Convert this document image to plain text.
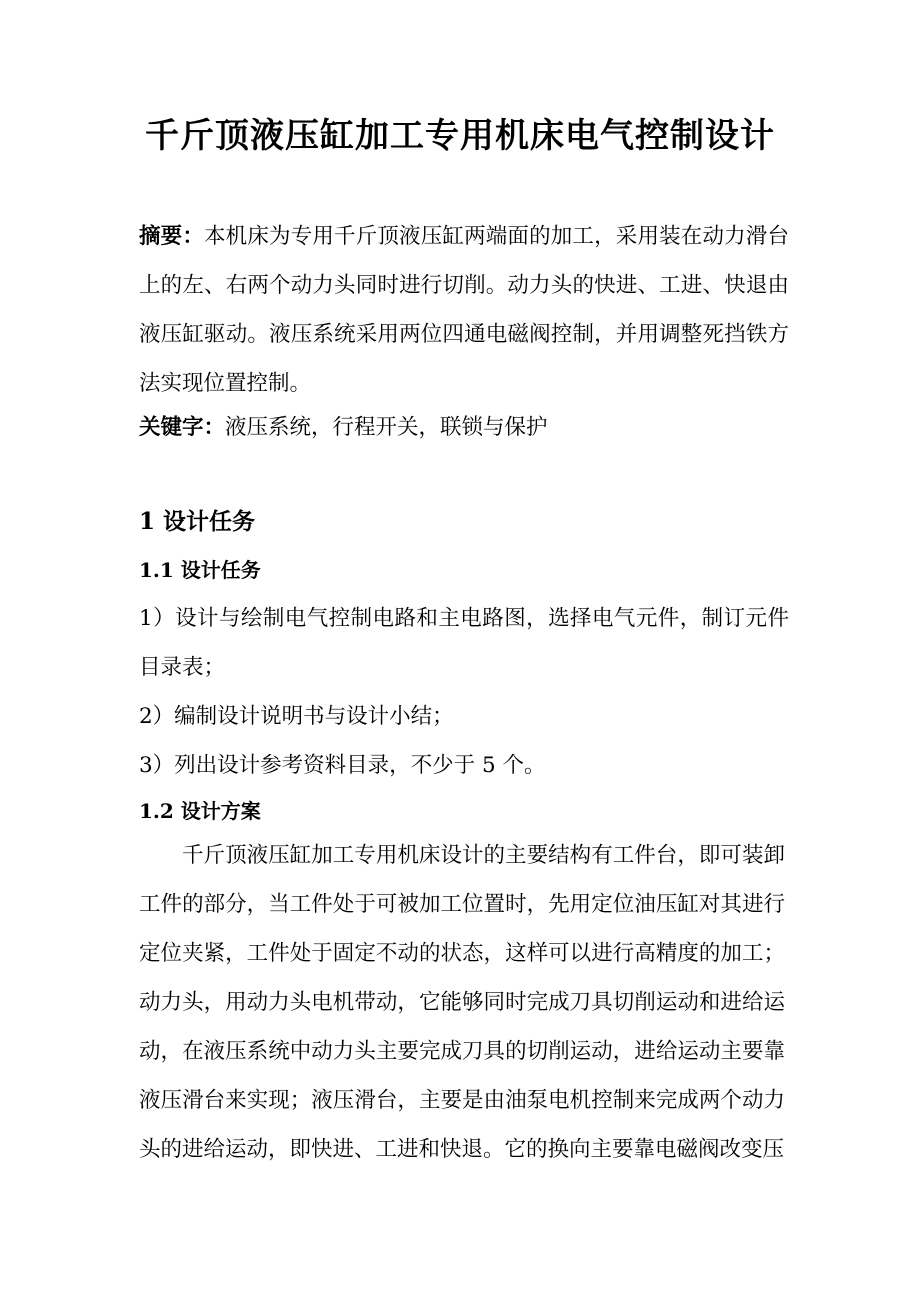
千斤顶液压缸加工专用机床电气控制设计

摘要：本机床为专用千斤顶液压缸两端面的加工，采用装在动力滑台上的左、右两个动力头同时进行切削。动力头的快进、工进、快退由液压缸驱动。液压系统采用两位四通电磁阀控制，并用调整死挡铁方法实现位置控制。

关键字：液压系统，行程开关，联锁与保护

1 设计任务
1.1 设计任务

1）设计与绘制电气控制电路和主电路图，选择电气元件，制订元件目录表；

2）编制设计说明书与设计小结；

3）列出设计参考资料目录，不少于 5 个。

1.2 设计方案

千斤顶液压缸加工专用机床设计的主要结构有工件台，即可装卸工件的部分，当工件处于可被加工位置时，先用定位油压缸对其进行定位夹紧，工件处于固定不动的状态，这样可以进行高精度的加工；动力头，用动力头电机带动，它能够同时完成刀具切削运动和进给运动，在液压系统中动力头主要完成刀具的切削运动，进给运动主要靠液压滑台来实现；液压滑台，主要是由油泵电机控制来完成两个动力头的进给运动，即快进、工进和快退。它的换向主要靠电磁阀改变压
